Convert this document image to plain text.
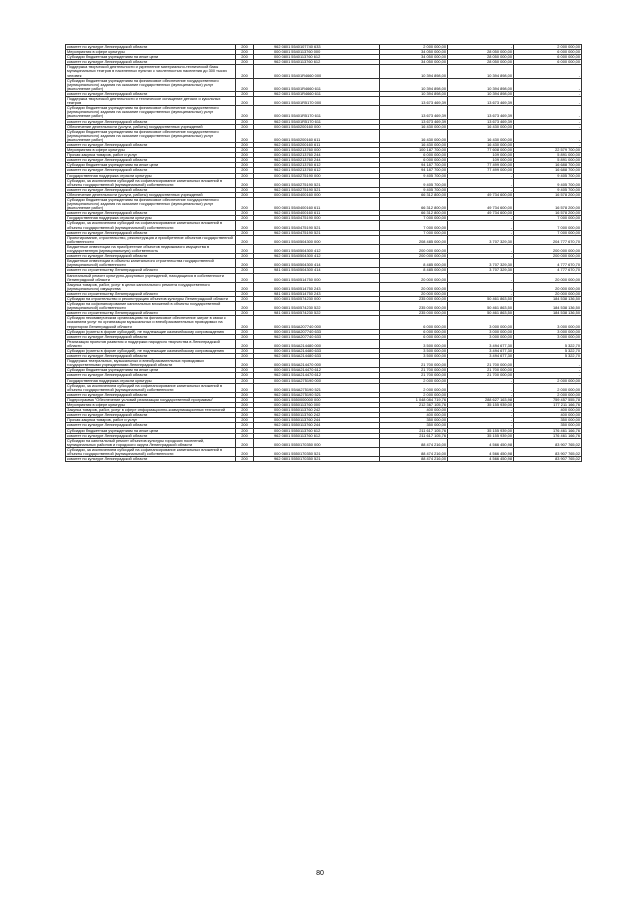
комитет по культуре Ленинградской области	200	962 0801 5540107740 633	2 000 000,00	-	2 000 000,00
Мероприятия в сфере культуры	200	000 0801 5540113760 000	34 050 000,00	28 050 000,00	6 000 000,00
Субсидии бюджетным учреждениям на иные цели	200	000 0801 5540113760 612	34 050 000,00	28 050 000,00	6 000 000,00
комитет по культуре Ленинградской области	200	962 0801 5540113760 612	34 050 000,00	28 050 000,00	6 000 000,00
Поддержка творческой деятельности и укрепление материально-технической базы муниципальных театров в населенных пунктах с численностью населения до 300 тысяч человек	200	000 0801 55401R4660 000	10 394 898,00	10 394 898,00	-
Субсидии бюджетным учреждениям на финансовое обеспечение государственного (муниципального) задания на оказание государственных (муниципальных) услуг (выполнение работ)	200	000 0801 55401R4660 611	10 394 898,00	10 394 898,00	-
комитет по культуре Ленинградской области	200	962 0801 55401R4660 611	10 394 898,00	10 394 898,00	-
Поддержка творческой деятельности и техническое оснащение детских и кукольных театров	200	000 0801 55401R5170 000	13 673 469,39	13 673 469,39	-
Субсидии бюджетным учреждениям на финансовое обеспечение государственного (муниципального) задания на оказание государственных (муниципальных) услуг (выполнение работ)	200	000 0801 55401R5170 611	13 673 469,39	13 673 469,39	-
комитет по культуре Ленинградской области	200	962 0801 55401R5170 611	13 673 469,39	13 673 469,39	-
Обеспечение деятельности (услуги, работы) государственных учреждений	200	000 0801 5540200160 000	16 430 000,00	16 430 000,00	-
Субсидии бюджетным учреждениям на финансовое обеспечение государственного (муниципального) задания на оказание государственных (муниципальных) услуг (выполнение работ)	200	000 0801 5540200160 611	16 430 000,00	16 430 000,00	-
комитет по культуре Ленинградской области	200	962 0801 5540200160 611	16 430 000,00	16 430 000,00	-
Мероприятия в сфере культуры	200	000 0801 5540213760 000	100 187 700,00	77 608 000,00	22 579 700,00
Прочая закупка товаров, работ и услуг	200	000 0801 5540213760 244	6 000 000,00	109 000,00	5 891 000,00
комитет по культуре Ленинградской области	200	962 0801 5540213760 244	6 000 000,00	109 000,00	5 891 000,00
Субсидии бюджетным учреждениям на иные цели	200	000 0801 5540213760 612	94 187 700,00	77 499 000,00	16 688 700,00
комитет по культуре Ленинградской области	200	962 0801 5540213760 612	94 187 700,00	77 499 000,00	16 688 700,00
Государственная поддержка отрасли культуры	200	000 0801 5540275190 000	9 405 700,00	-	9 405 700,00
Субсидии, за исключением субсидий на софинансирование капитальных вложений в объекты государственной (муниципальной) собственности	200	000 0801 5540275190 521	9 405 700,00	-	9 405 700,00
комитет по культуре Ленинградской области	200	962 0801 5540275190 521	9 405 700,00	-	9 405 700,00
Обеспечение деятельности (услуги, работы) государственных учреждений	200	000 0801 5540400160 000	66 312 800,00	49 734 600,00	16 578 200,00
Субсидии бюджетным учреждениям на финансовое обеспечение государственного (муниципального) задания на оказание государственных (муниципальных) услуг (выполнение работ)	200	000 0801 5540400160 611	66 312 800,00	49 734 600,00	16 578 200,00
комитет по культуре Ленинградской области	200	962 0801 5540400160 611	66 312 800,00	49 734 600,00	16 578 200,00
Государственная поддержка отрасли культуры	200	000 0801 5540475190 000	7 000 000,00	-	7 000 000,00
Субсидии, за исключением субсидий на софинансирование капитальных вложений в объекты государственной (муниципальной) собственности	200	000 0801 5540475190 521	7 000 000,00	-	7 000 000,00
комитет по культуре Ленинградской области	200	962 0801 5540475190 521	7 000 000,00	-	7 000 000,00
Проектирование, строительство, реконструкция и приобретение объектов государственной собственности	200	000 0801 5540504300 000	208 485 000,00	3 707 329,30	204 777 670,70
Бюджетные инвестиции на приобретение объектов недвижимого имущества в государственную (муниципальную) собственность	200	000 0801 5540504300 412	200 000 000,00	-	200 000 000,00
комитет по культуре Ленинградской области	200	962 0801 5540504300 412	200 000 000,00	-	200 000 000,00
Бюджетные инвестиции в объекты капитального строительства государственной (муниципальной) собственности	200	000 0801 5540504300 414	8 485 000,00	3 707 329,30	4 777 670,70
комитет по строительству Ленинградской области	200	981 0801 5540504300 414	8 485 000,00	3 707 329,30	4 777 670,70
Капитальный ремонт культурно-досуговых учреждений, находящихся в собственности Ленинградской области	200	000 0801 5540514750 000	20 000 000,00	-	20 000 000,00
Закупка товаров, работ, услуг в целях капитального ремонта государственного (муниципального) имущества	200	000 0801 5540514750 243	20 000 000,00	-	20 000 000,00
комитет по строительству Ленинградской области	200	981 0801 5540514750 243	20 000 000,00	-	20 000 000,00
Субсидии на строительство и реконструкцию объектов культуры Ленинградской области	200	000 0801 5540574230 000	235 000 000,00	50 461 863,50	184 538 136,50
Субсидии на софинансирование капитальных вложений в объекты государственной (муниципальной) собственности	200	000 0801 5540574230 522	235 000 000,00	50 461 863,50	184 538 136,50
комитет по строительству Ленинградской области	200	981 0801 5540574230 522	235 000 000,00	50 461 863,50	184 538 136,50
Субсидия некоммерческим организациям на финансовое обеспечение затрат в связи с оказанием услуг по организации музыкальных и внеобразовательных проводимых на территории Ленинградской области	200	000 0801 554A207740 000	6 000 000,00	3 000 000,00	3 000 000,00
Субсидии (гранты в форме субсидий), не подлежащие казначейскому сопровождению	200	000 0801 554A207740 633	6 000 000,00	3 000 000,00	3 000 000,00
комитет по культуре Ленинградской области	200	962 0801 554A207740 633	6 000 000,00	3 000 000,00	3 000 000,00
Реализация проектов развития и поддержки народного творчества в Ленинградской области	200	000 0801 554A214480 000	3 500 000,00	3 494 677,30	5 322,70
Субсидии (гранты в форме субсидий), не подлежащие казначейскому сопровождению	200	000 0801 554A214480 633	3 500 000,00	3 494 677,30	5 322,70
комитет по культуре Ленинградской области	200	962 0801 554A214480 633	3 500 000,00	3 494 677,30	5 322,70
Поддержка театральных, музыкальных и внеобразовательных проводимых государственными учреждениями Ленинградской области	200	000 0801 554A214470 000	21 700 000,00	21 700 000,00	-
Субсидии бюджетным учреждениям на иные цели	200	000 0801 554A214470 612	21 700 000,00	21 700 000,00	-
комитет по культуре Ленинградской области	200	962 0801 554A214470 612	21 700 000,00	21 700 000,00	-
Государственная поддержка отрасли культуры	200	000 0801 554A275190 000	2 000 000,00	-	2 000 000,00
Субсидии, за исключением субсидий на софинансирование капитальных вложений в объекты государственной (муниципальной) собственности	200	000 0801 554A275190 521	2 000 000,00	-	2 000 000,00
комитет по культуре Ленинградской области	200	962 0801 554A275190 521	2 000 000,00	-	2 000 000,00
Подпрограмма "Обеспечение условий реализации государственной программы"	200	000 0801 5550000000 000	1 048 084 719,76	288 627 163,98	759 457 555,78
Мероприятия в сфере культуры	200	000 0801 5550113760 000	212 367 105,76	35 155 939,00	177 211 166,76
Закупка товаров, работ, услуг в сфере информационно-коммуникационных технологий	200	000 0801 5550113760 242	400 000,00	-	400 000,00
комитет по культуре Ленинградской области	200	962 0801 5550113760 242	400 000,00	-	400 000,00
Прочая закупка товаров, работ и услуг	200	000 0801 5550113760 244	350 000,00	-	350 000,00
комитет по культуре Ленинградской области	200	962 0801 5550113760 244	350 000,00	-	350 000,00
Субсидии бюджетным учреждениям на иные цели	200	000 0801 5550113760 612	211 617 105,76	35 155 939,00	176 461 166,76
комитет по культуре Ленинградской области	200	962 0801 5550113760 612	211 617 105,76	35 155 939,00	176 461 166,76
Субсидии на капитальный ремонт объектов культуры городских поселений, муниципальных районов и городского округа Ленинградской области	200	000 0801 5550170350 000	88 474 216,00	4 566 450,98	83 907 765,02
Субсидии, за исключением субсидий на софинансирование капитальных вложений в объекты государственной (муниципальной) собственности	200	000 0801 5550170350 521	88 474 216,00	4 566 450,98	83 907 765,02
комитет по культуре Ленинградской области	200	962 0801 5550170350 521	88 474 216,00	4 566 450,98	83 907 765,02
80
